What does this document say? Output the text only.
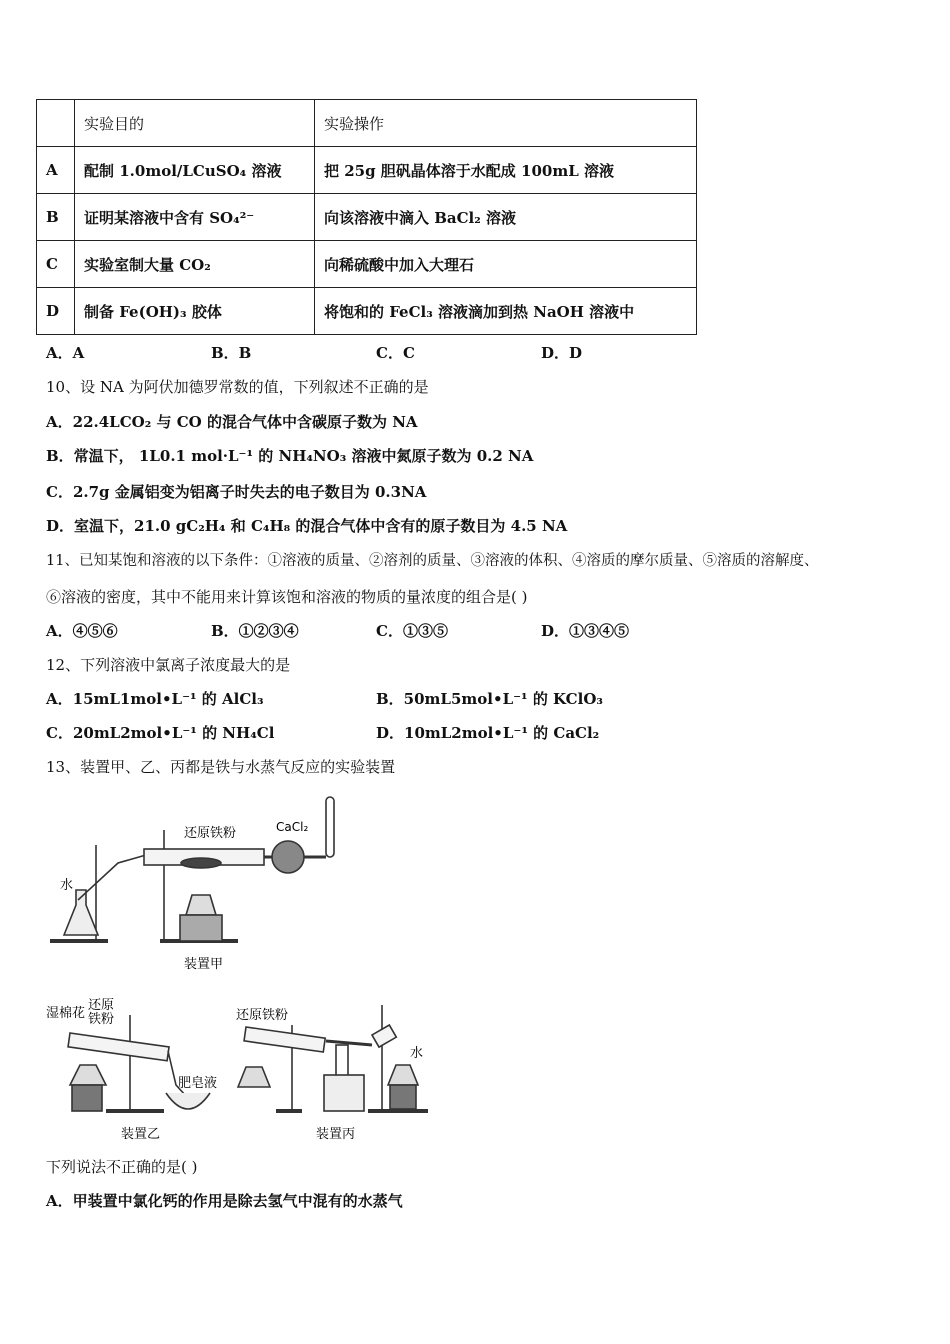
	实验目的	实验操作
A	配制 1.0mol/LCuSO₄ 溶液	把 25g 胆矾晶体溶于水配成 100mL 溶液
B	证明某溶液中含有 SO₄²⁻	向该溶液中滴入 BaCl₂ 溶液
C	实验室制大量 CO₂	向稀硫酸中加入大理石
D	制备 Fe(OH)₃ 胶体	将饱和的 FeCl₃ 溶液滴加到热 NaOH 溶液中
A．A	B．B	C．C	D．D
10、设 NA 为阿伏加德罗常数的值，下列叙述不正确的是
A．22.4LCO₂ 与 CO 的混合气体中含碳原子数为 NA
B．常温下， 1L0.1 mol·L⁻¹ 的 NH₄NO₃ 溶液中氮原子数为 0.2 NA
C．2.7g 金属铝变为铝离子时失去的电子数目为 0.3NA
D．室温下，21.0 gC₂H₄ 和 C₄H₈ 的混合气体中含有的原子数目为 4.5 NA
11、已知某饱和溶液的以下条件：①溶液的质量、②溶剂的质量、③溶液的体积、④溶质的摩尔质量、⑤溶质的溶解度、
⑥溶液的密度，其中不能用来计算该饱和溶液的物质的量浓度的组合是( )
A．④⑤⑥	B．①②③④	C．①③⑤	D．①③④⑤
12、下列溶液中氯离子浓度最大的是
A．15mL1mol•L⁻¹ 的 AlCl₃	B．50mL5mol•L⁻¹ 的 KClO₃
C．20mL2mol•L⁻¹ 的 NH₄Cl	D．10mL2mol•L⁻¹ 的 CaCl₂
13、装置甲、乙、丙都是铁与水蒸气反应的实验装置
还原铁粉	CaCl₂
水
装置甲
湿棉花
还原
铁粉
肥皂液
装置乙
还原铁粉
水
装置丙
下列说法不正确的是( )
A．甲装置中氯化钙的作用是除去氢气中混有的水蒸气
